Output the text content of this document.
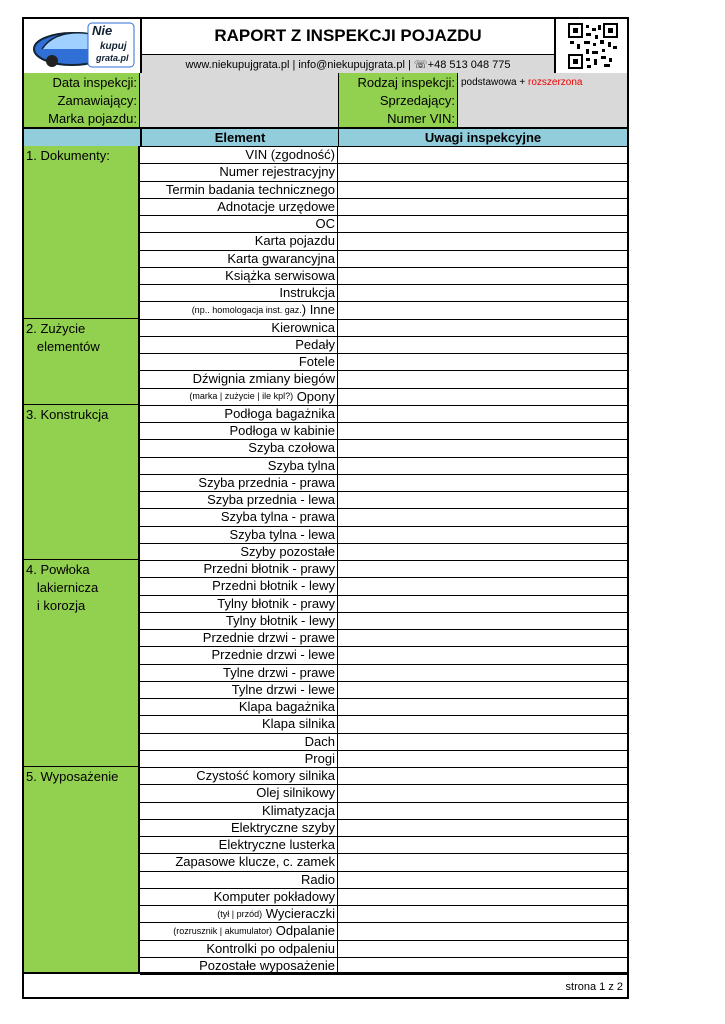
Nie
kupuj
grata.pl
RAPORT Z INSPEKCJI POJAZDU
www.niekupujgrata.pl | info@niekupujgrata.pl | ☏+48 513 048 775
Data inspekcji:	Rodzaj inspekcji: podstawowa + rozszerzona
Zamawiający:	Sprzedający:
Marka pojazdu:	Numer VIN:
Element	Uwagi inspekcyjne
1. Dokumenty:	VIN (zgodność)
Numer rejestracyjny
Termin badania technicznego
Adnotacje urzędowe
OC
Karta pojazdu
Karta gwarancyjna
Książka serwisowa
Instrukcja
(np.. homologacja inst. gaz. ) Inne
2. Zużycie
elementów
Kierownica
Pedały
Fotele
Dźwignia zmiany biegów
(marka | zużycie | ile kpl?) Opony
3. Konstrukcja	Podłoga bagażnika
Podłoga w kabinie
Szyba czołowa
Szyba tylna
Szyba przednia - prawa
Szyba przednia - lewa
Szyba tylna - prawa
Szyba tylna - lewa
Szyby pozostałe
4. Powłoka
lakiernicza
i korozja
Przedni błotnik - prawy
Przedni błotnik - lewy
Tylny błotnik - prawy
Tylny błotnik - lewy
Przednie drzwi - prawe
Przednie drzwi - lewe
Tylne drzwi - prawe
Tylne drzwi - lewe
Klapa bagażnika
Klapa silnika
Dach
Progi
5. Wyposażenie	Czystość komory silnika
Olej silnikowy
Klimatyzacja
Elektryczne szyby
Elektryczne lusterka
Zapasowe klucze, c. zamek
Radio
Komputer pokładowy
(tył | przód) Wycieraczki
(rozrusznik | akumulator) Odpalanie
Kontrolki po odpaleniu
Pozostałe wyposażenie
strona 1 z 2
